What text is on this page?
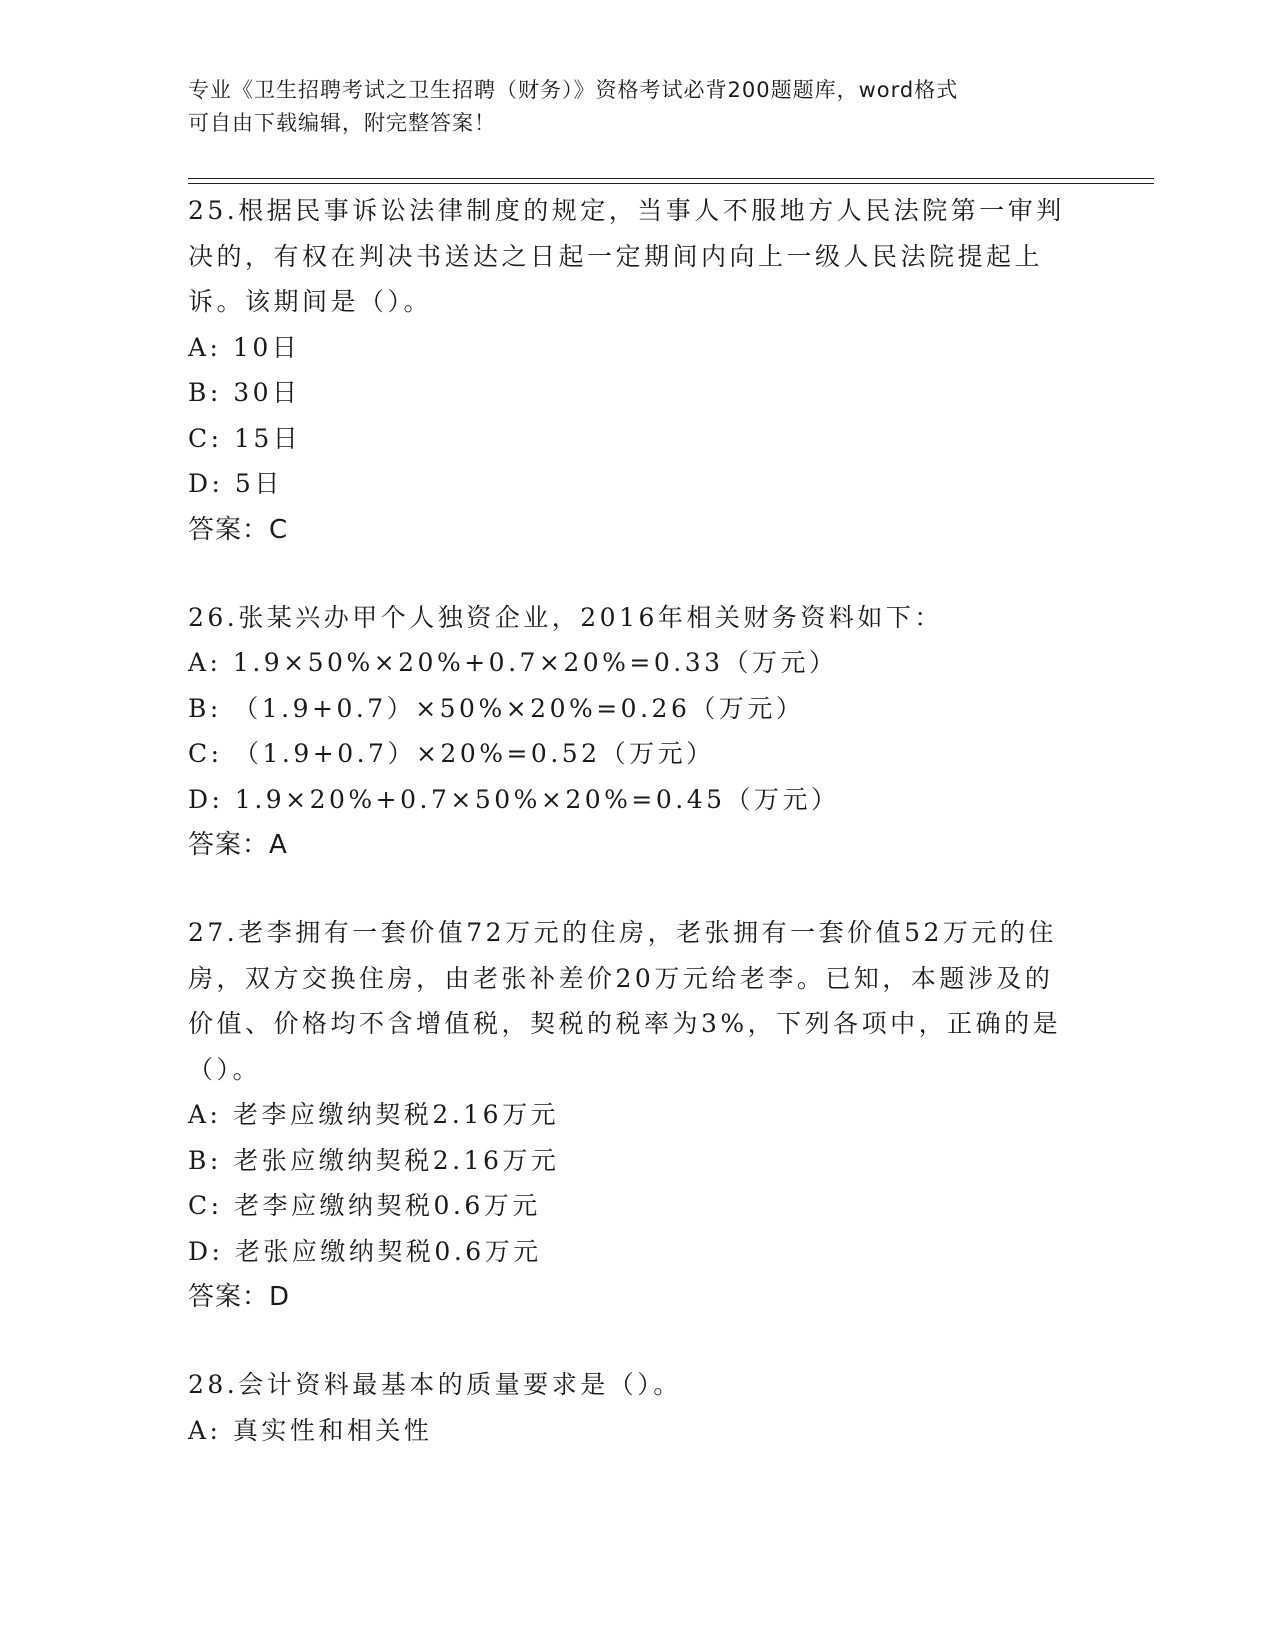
专业《卫生招聘考试之卫生招聘（财务）》资格考试必背200题题库，word格式
可自由下载编辑，附完整答案！
25.根据民事诉讼法律制度的规定，当事人不服地方人民法院第一审判
决的，有权在判决书送达之日起一定期间内向上一级人民法院提起上
诉。该期间是（）。
A: 10日
B: 30日
C: 15日
D: 5日
答案：C
26.张某兴办甲个人独资企业，2016年相关财务资料如下：
A: 1.9×50%×20%+0.7×20%=0.33（万元）
B: （1.9+0.7）×50%×20%=0.26（万元）
C: （1.9+0.7）×20%=0.52（万元）
D: 1.9×20%+0.7×50%×20%=0.45（万元）
答案：A
27.老李拥有一套价值72万元的住房，老张拥有一套价值52万元的住
房，双方交换住房，由老张补差价20万元给老李。已知，本题涉及的
价值、价格均不含增值税，契税的税率为3%，下列各项中，正确的是
（）。
A: 老李应缴纳契税2.16万元
B: 老张应缴纳契税2.16万元
C: 老李应缴纳契税0.6万元
D: 老张应缴纳契税0.6万元
答案：D
28.会计资料最基本的质量要求是（）。
A: 真实性和相关性
